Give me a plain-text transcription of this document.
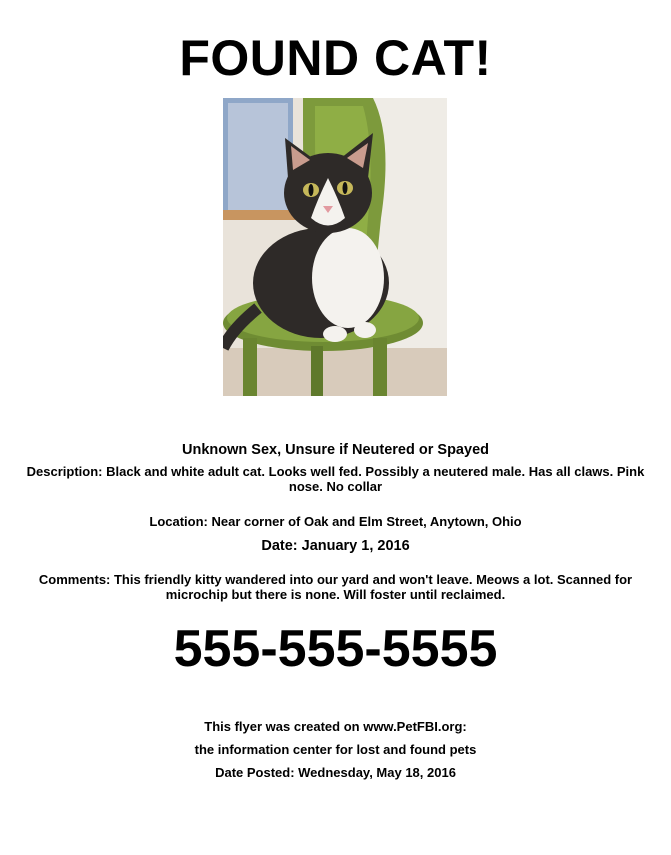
FOUND CAT!
Unknown Sex, Unsure if Neutered or Spayed
Description: Black and white adult cat. Looks well fed. Possibly a neutered male. Has all claws. Pink nose. No collar
Location: Near corner of Oak and Elm Street, Anytown, Ohio
Date: January 1, 2016
Comments: This friendly kitty wandered into our yard and won't leave. Meows a lot. Scanned for microchip but there is none. Will foster until reclaimed.
555-555-5555
This flyer was created on www.PetFBI.org:
the information center for lost and found pets
Date Posted: Wednesday, May 18, 2016
